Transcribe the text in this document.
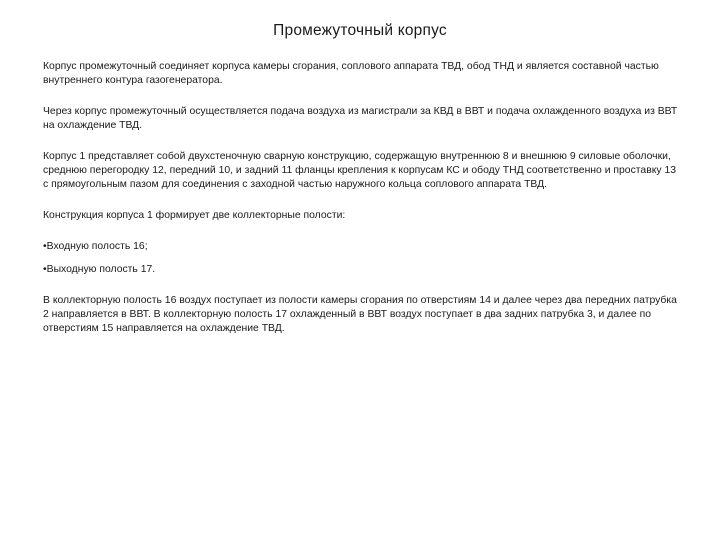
Промежуточный корпус

Корпус промежуточный соединяет корпуса камеры сгорания, соплового аппарата ТВД, обод ТНД и является составной частью внутреннего контура газогенератора.

Через корпус промежуточный осуществляется подача воздуха из магистрали за КВД в ВВТ и подача охлажденного воздуха из ВВТ на охлаждение ТВД.

Корпус 1 представляет собой двухстеночную сварную конструкцию, содержащую внутреннюю 8 и внешнюю 9 силовые оболочки, среднюю перегородку 12, передний 10, и задний 11 фланцы крепления к корпусам КС и ободу ТНД соответственно и проставку 13 с прямоугольным пазом для соединения с заходной частью наружного кольца соплового аппарата ТВД.

Конструкция корпуса 1 формирует две коллекторные полости:

• Входную полость 16;
• Выходную полость 17.

В коллекторную полость 16 воздух поступает из полости камеры сгорания по отверстиям 14 и далее через два передних патрубка 2 направляется в ВВТ. В коллекторную полость 17 охлажденный в ВВТ воздух поступает в два задних патрубка 3, и далее по отверстиям 15 направляется на охлаждение ТВД.
